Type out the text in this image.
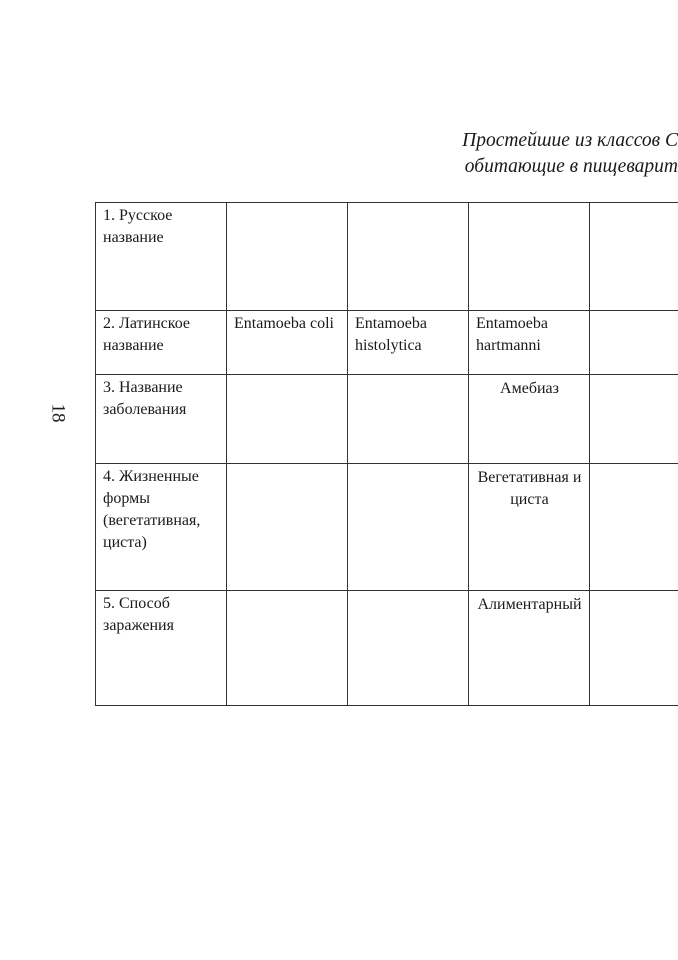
Простейшие из классов С
обитающие в пищеварит
18
1. Русское название				
2. Латинское название	Entamoeba coli	Entamoeba histolytica	Entamoeba hartmanni	
3. Название заболевания			Амебиаз	
4. Жизненные формы (вегетативная, циста)			Вегетативная и циста	
5. Способ заражения			Алиментарный	
